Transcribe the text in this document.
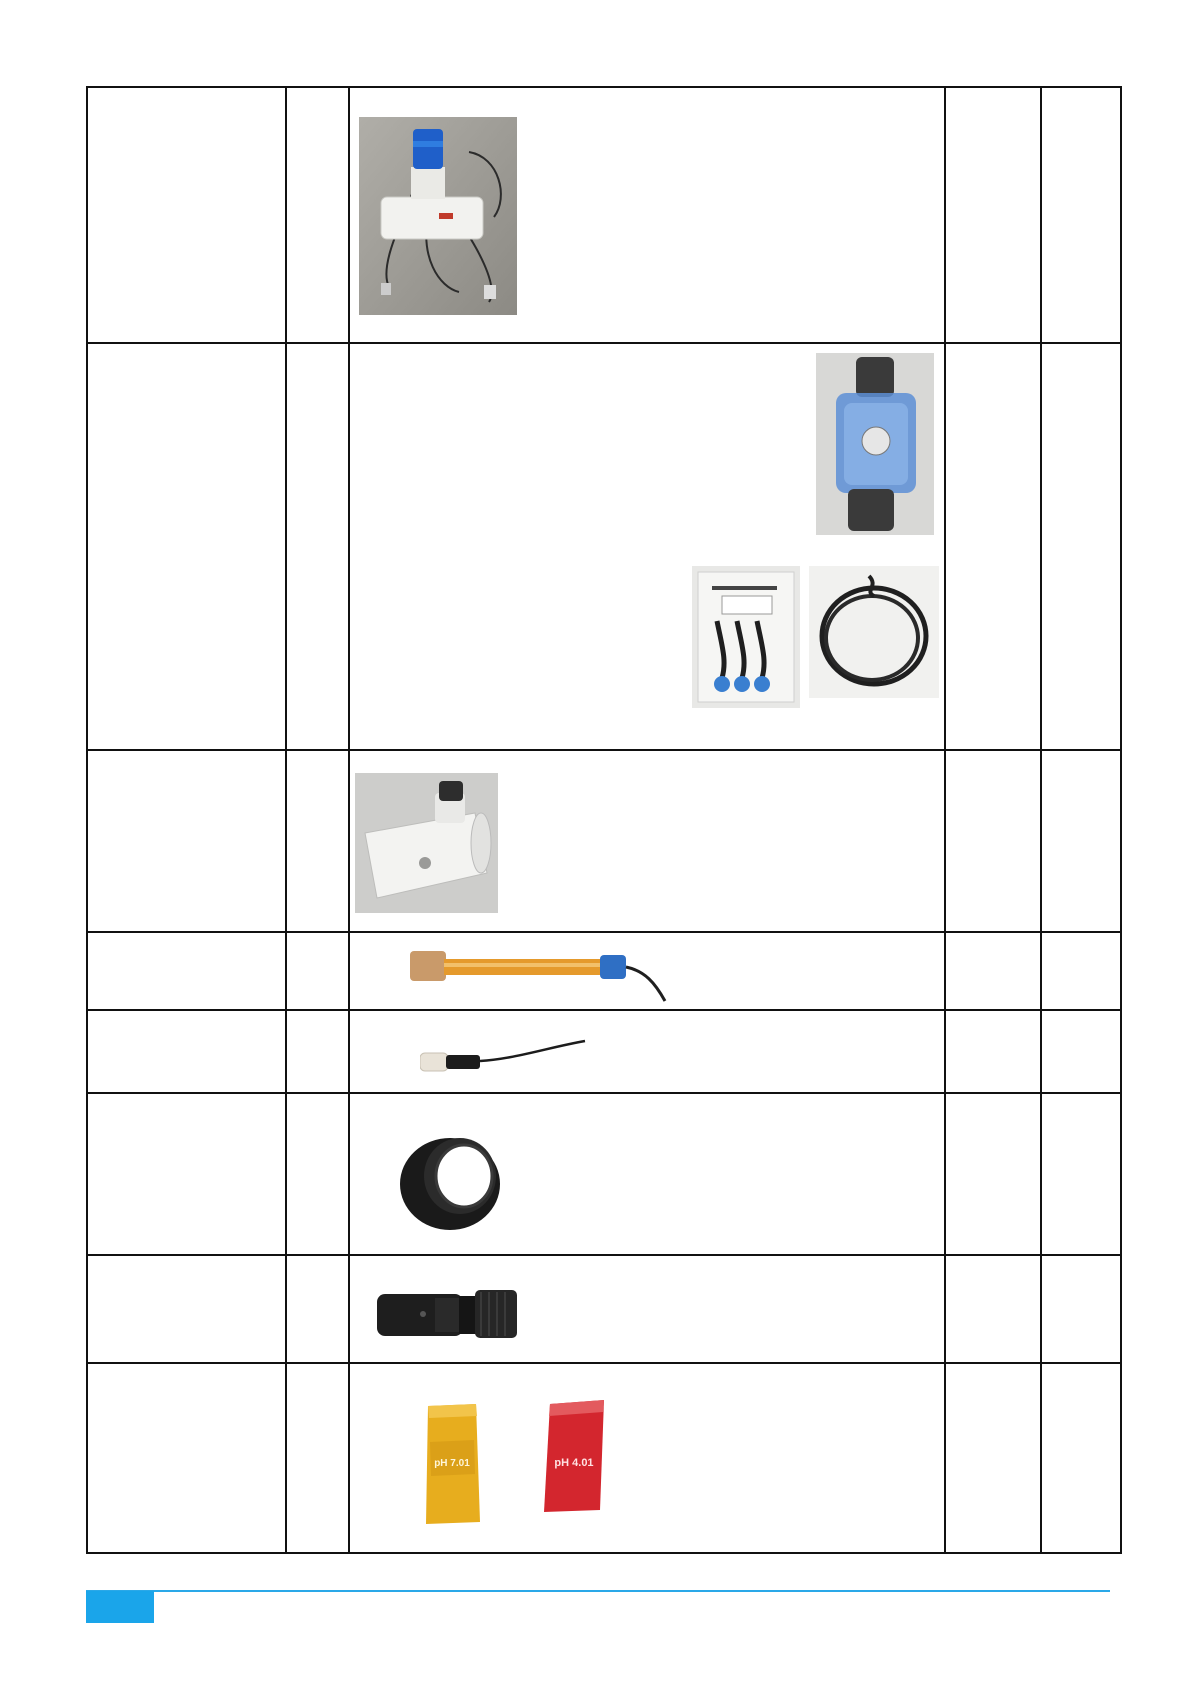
pH 7.01 pH 4.01		
